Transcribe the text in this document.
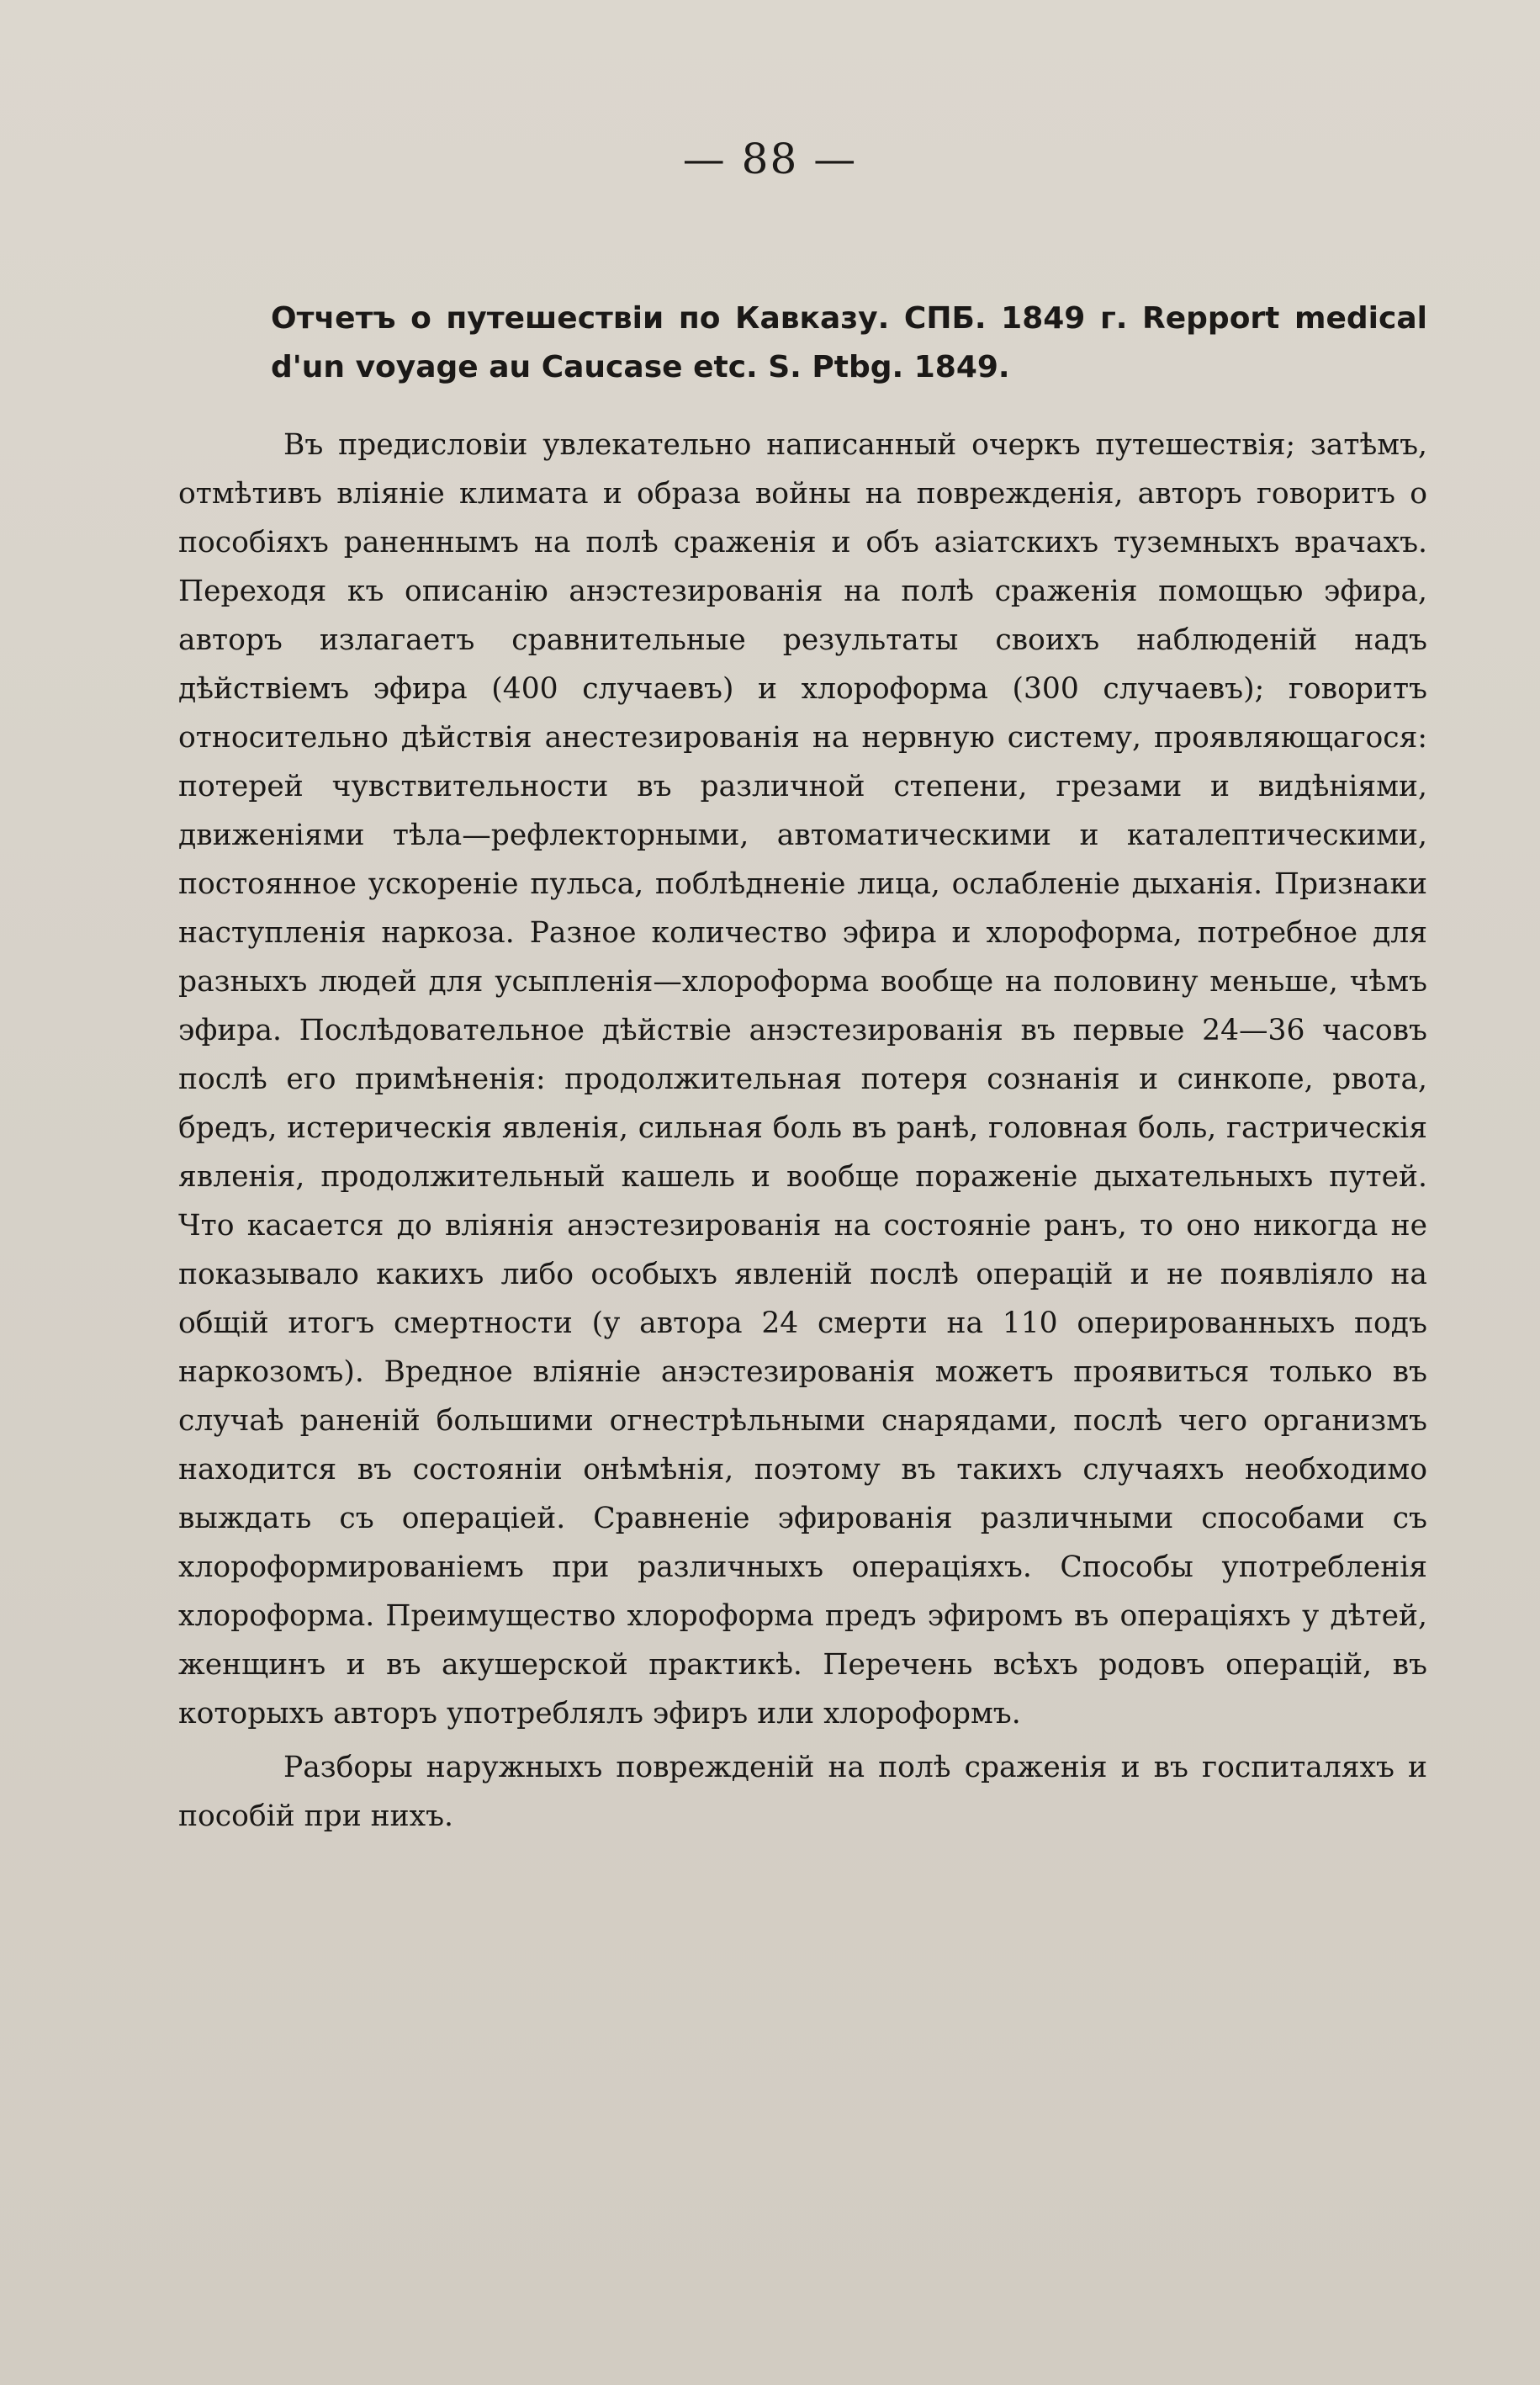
— 88 —

Отчетъ о путешествіи по Кавказу. СПБ. 1849 г. Repport medical d'un voyage au Caucase etc. S. Ptbg. 1849.

Въ предисловіи увлекательно написанный очеркъ путешествія; затѣмъ, отмѣтивъ вліяніе климата и образа войны на поврежденія, авторъ говоритъ о пособіяхъ раненнымъ на полѣ сраженія и объ азіатскихъ туземныхъ врачахъ. Переходя къ описанію анэстезированія на полѣ сраженія помощью эфира, авторъ излагаетъ сравнительные результаты своихъ наблюденій надъ дѣйствіемъ эфира (400 случаевъ) и хлороформа (300 случаевъ); говоритъ относительно дѣйствія анестезированія на нервную систему, проявляющагося: потерей чувствительности въ различной степени, грезами и видѣніями, движеніями тѣла—рефлекторными, автоматическими и каталептическими, постоянное ускореніе пульса, поблѣдненіе лица, ослабленіе дыханія. Признаки наступленія наркоза. Разное количество эфира и хлороформа, потребное для разныхъ людей для усыпленія—хлороформа вообще на половину меньше, чѣмъ эфира. Послѣдовательное дѣйствіе анэстезированія въ первые 24—36 часовъ послѣ его примѣненія: продолжительная потеря сознанія и синкопе, рвота, бредъ, истерическія явленія, сильная боль въ ранѣ, головная боль, гастрическія явленія, продолжительный кашель и вообще пораженіе дыхательныхъ путей. Что касается до вліянія анэстезированія на состояніе ранъ, то оно никогда не показывало какихъ либо особыхъ явленій послѣ операцій и не появліяло на общій итогъ смертности (у автора 24 смерти на 110 оперированныхъ подъ наркозомъ). Вредное вліяніе анэстезированія можетъ проявиться только въ случаѣ раненій большими огнестрѣльными снарядами, послѣ чего организмъ находится въ состояніи онѣмѣнія, поэтому въ такихъ случаяхъ необходимо выждать съ операціей. Сравненіе эфированія различными способами съ хлороформированіемъ при различныхъ операціяхъ. Способы употребленія хлороформа. Преимущество хлороформа предъ эфиромъ въ операціяхъ у дѣтей, женщинъ и въ акушерской практикѣ. Перечень всѣхъ родовъ операцій, въ которыхъ авторъ употреблялъ эфиръ или хлороформъ.

Разборы наружныхъ поврежденій на полѣ сраженія и въ госпиталяхъ и пособій при нихъ.
